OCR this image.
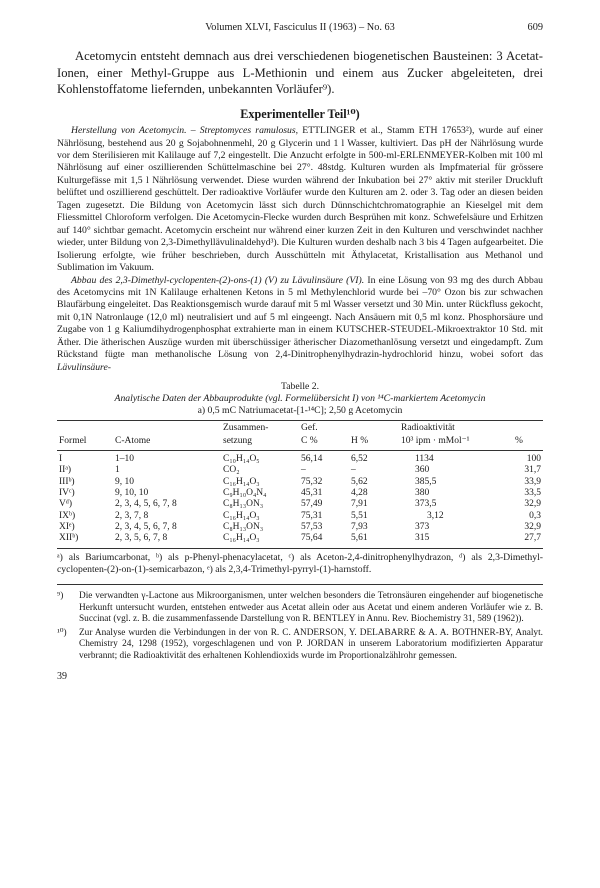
Volumen XLVI, Fasciculus II (1963) – No. 63	609
Acetomycin entsteht demnach aus drei verschiedenen biogenetischen Bausteinen: 3 Acetat-Ionen, einer Methyl-Gruppe aus L-Methionin und einem aus Zucker abgeleiteten, drei Kohlenstoffatome liefernden, unbekannten Vorläufer⁹).
Experimenteller Teil¹⁰)

Herstellung von Acetomycin. – Streptomyces ramulosus, ETTLINGER et al., Stamm ETH 17653²), wurde auf einer Nährlösung, bestehend aus 20 g Sojabohnenmehl, 20 g Glycerin und 1 l Wasser, kultiviert. Das pH der Nährlösung wurde vor dem Sterilisieren mit Kalilauge auf 7,2 eingestellt. Die Anzucht erfolgte in 500-ml-ERLENMEYER-Kolben mit 100 ml Nährlösung auf einer oszillierenden Schüttelmaschine bei 27°. 48stdg. Kulturen wurden als Impfmaterial für grössere Kulturgefässe mit 1,5 l Nährlösung verwendet. Diese wurden während der Inkubation bei 27° aktiv mit steriler Druckluft belüftet und oszillierend geschüttelt. Der radioaktive Vorläufer wurde den Kulturen am 2. oder 3. Tag oder an diesen beiden Tagen zugesetzt. Die Bildung von Acetomycin lässt sich durch Dünnschichtchromatographie an Kieselgel mit dem Fliessmittel Chloroform verfolgen. Die Acetomycin-Flecke wurden durch Besprühen mit konz. Schwefelsäure und Erhitzen auf 140° sichtbar gemacht. Acetomycin erscheint nur während einer kurzen Zeit in den Kulturen und verschwindet nachher wieder, unter Bildung von 2,3-Dimethyllävulinaldehyd³). Die Kulturen wurden deshalb nach 3 bis 4 Tagen aufgearbeitet. Die Isolierung erfolgte, wie früher beschrieben, durch Ausschütteln mit Äthylacetat, Kristallisation aus Methanol und Sublimation im Vakuum.

Abbau des 2,3-Dimethyl-cyclopenten-(2)-ons-(1) (V) zu Lävulinsäure (VI). In eine Lösung von 93 mg des durch Abbau des Acetomycins mit 1N Kalilauge erhaltenen Ketons in 5 ml Methylenchlorid wurde bei –70° Ozon bis zur schwachen Blaufärbung eingeleitet. Das Reaktionsgemisch wurde darauf mit 5 ml Wasser versetzt und 30 Min. unter Rückfluss gekocht, mit 0,1N Natronlauge (12,0 ml) neutralisiert und auf 5 ml eingeengt. Nach Ansäuern mit 0,5 ml konz. Phosphorsäure und Zugabe von 1 g Kaliumdihydrogenphosphat extrahierte man in einem KUTSCHER-STEUDEL-Mikroextraktor 10 Std. mit Äther. Die ätherischen Auszüge wurden mit überschüssiger ätherischer Diazomethanlösung versetzt und eingedampft. Zum Rückstand fügte man methanolische Lösung von 2,4-Dinitrophenylhydrazin-hydrochlorid hinzu, wobei sofort das Lävulinsäure-

Tabelle 2.
Analytische Daten der Abbauprodukte (vgl. Formelübersicht I) von ¹⁴C-markiertem Acetomycin
a) 0,5 mC Natriumacetat-[1-¹⁴C]; 2,50 g Acetomycin
		Zusammen-	Gef.		Radioaktivität	
Formel	C-Atome	setzung	C %	H %	10³ ipm · mMol⁻¹	%
I	1–10	C₁₀H₁₄O₅	56,14	6,52	1134	100
IIᵃ)	1	CO₂	–	–	360	31,7
IIIᵇ)	9, 10	C₁₆H₁₄O₃	75,32	5,62	385,5	33,9
IVᶜ)	9, 10, 10	C₉H₁₀O₄N₄	45,31	4,28	380	33,5
Vᵈ)	2, 3, 4, 5, 6, 7, 8	C₈H₁₃ON₃	57,49	7,91	373,5	32,9
IXᵇ)	2, 3, 7, 8	C₁₆H₁₄O₃	75,31	5,51	3,12	0,3
XIᵉ)	2, 3, 4, 5, 6, 7, 8	C₈H₁₃ON₃	57,53	7,93	373	32,9
XIIᵇ)	2, 3, 5, 6, 7, 8	C₁₆H₁₄O₃	75,64	5,61	315	27,7
ᵃ) als Bariumcarbonat, ᵇ) als p-Phenyl-phenacylacetat, ᶜ) als Aceton-2,4-dinitrophenylhydrazon, ᵈ) als 2,3-Dimethyl-cyclopenten-(2)-on-(1)-semicarbazon, ᵉ) als 2,3,4-Trimethyl-pyrryl-(1)-harnstoff.
⁹) Die verwandten γ-Lactone aus Mikroorganismen, unter welchen besonders die Tetronsäuren eingehender auf biogenetische Herkunft untersucht wurden, entstehen entweder aus Acetat allein oder aus Acetat und einem anderen Vorläufer wie z. B. Succinat (vgl. z. B. die zusammenfassende Darstellung von R. BENTLEY in Annu. Rev. Biochemistry 31, 589 (1962)).
¹⁰) Zur Analyse wurden die Verbindungen in der von R. C. ANDERSON, Y. DELABARRE & A. A. BOTHNER-BY, Analyt. Chemistry 24, 1298 (1952), vorgeschlagenen und von P. JORDAN in unserem Laboratorium modifizierten Apparatur verbrannt; die Radioaktivität des erhaltenen Kohlendioxids wurde im Proportionalzählrohr gemessen.
39
